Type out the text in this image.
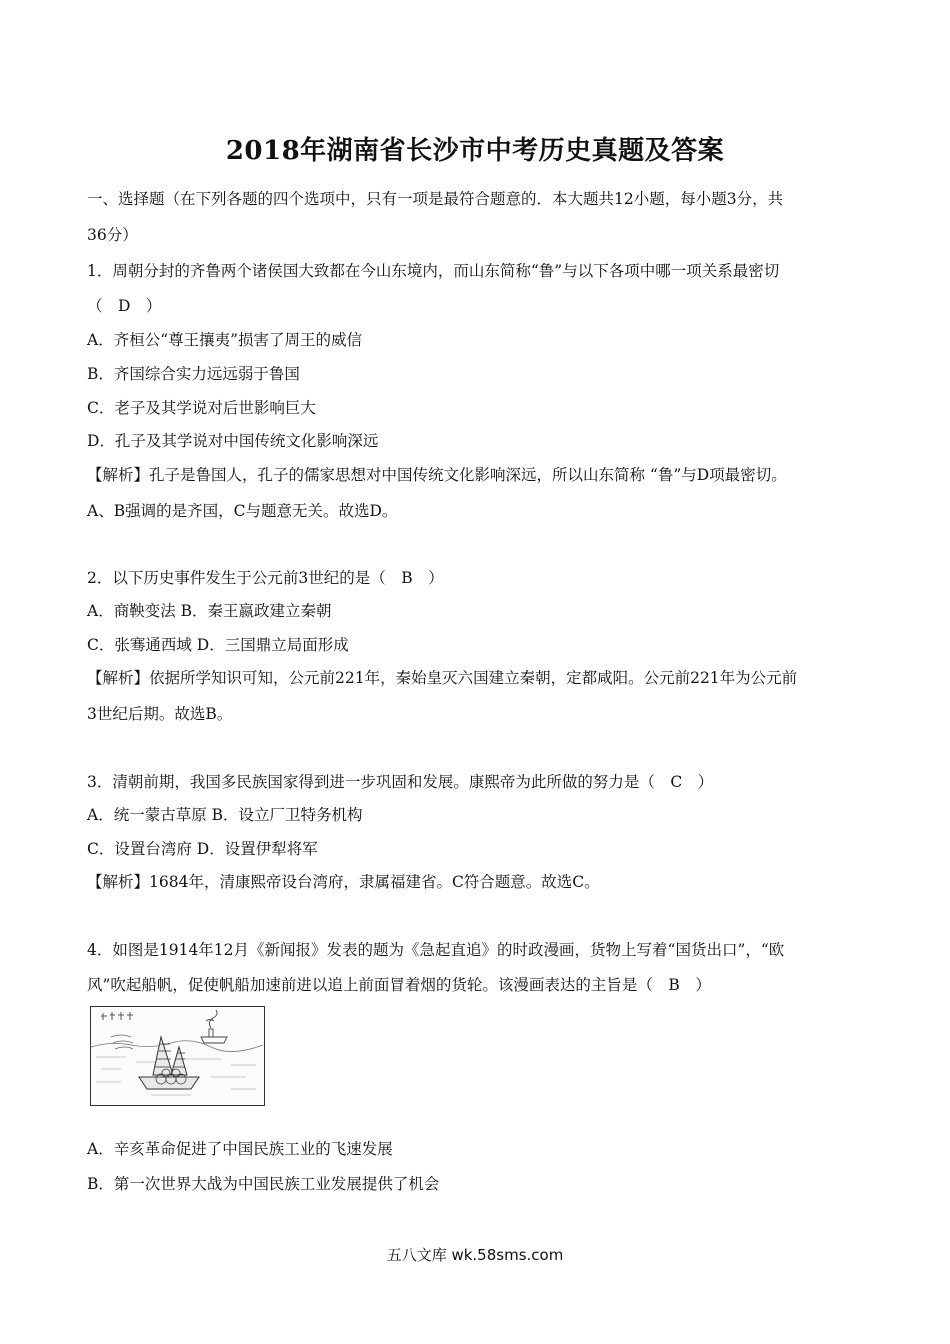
2018年湖南省长沙市中考历史真题及答案
一、选择题（在下列各题的四个选项中，只有一项是最符合题意的．本大题共12小题，每小题3分，共
36分）
1．周朝分封的齐鲁两个诸侯国大致都在今山东境内，而山东简称“鲁”与以下各项中哪一项关系最密切
（　D　）
A．齐桓公“尊王攘夷”损害了周王的威信
B．齐国综合实力远远弱于鲁国
C．老子及其学说对后世影响巨大
D．孔子及其学说对中国传统文化影响深远
【解析】孔子是鲁国人，孔子的儒家思想对中国传统文化影响深远，所以山东简称 “鲁”与D项最密切。
A、B强调的是齐国，C与题意无关。故选D。
2．以下历史事件发生于公元前3世纪的是（　B　）
A．商鞅变法 B．秦王嬴政建立秦朝
C．张骞通西域 D．三国鼎立局面形成
【解析】依据所学知识可知，公元前221年，秦始皇灭六国建立秦朝，定都咸阳。公元前221年为公元前
3世纪后期。故选B。
3．清朝前期，我国多民族国家得到进一步巩固和发展。康熙帝为此所做的努力是（　C　）
A．统一蒙古草原 B．设立厂卫特务机构
C．设置台湾府 D．设置伊犁将军
【解析】1684年，清康熙帝设台湾府，隶属福建省。C符合题意。故选C。
4．如图是1914年12月《新闻报》发表的题为《急起直追》的时政漫画，货物上写着“国货出口”，“欧
风”吹起船帆，促使帆船加速前进以追上前面冒着烟的货轮。该漫画表达的主旨是（　B　）
A．辛亥革命促进了中国民族工业的飞速发展
B．第一次世界大战为中国民族工业发展提供了机会
五八文库 wk.58sms.com
